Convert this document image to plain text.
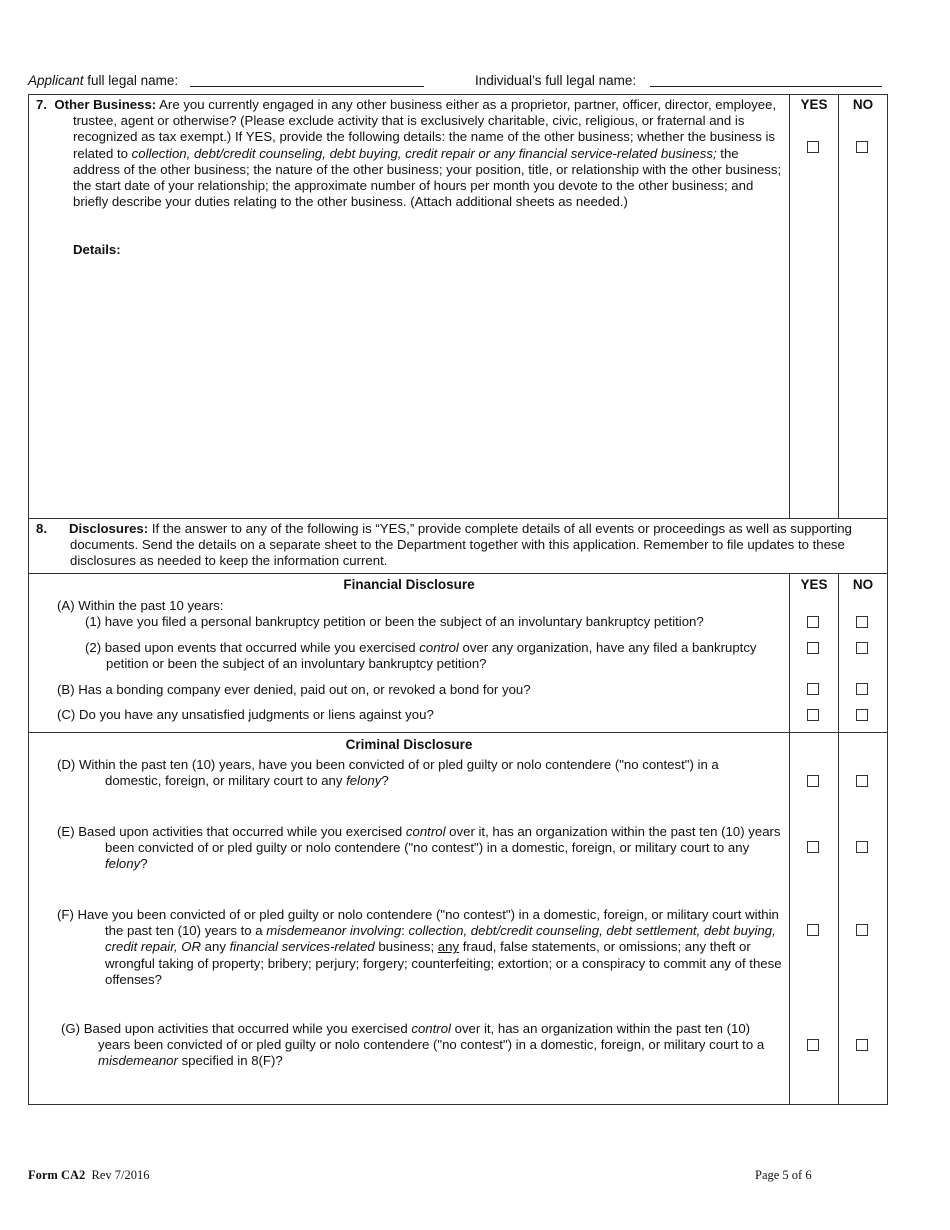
Applicant full legal name:	Individual’s full legal name:
7. Other Business: Are you currently engaged in any other business either as a proprietor, partner, officer, director, employee, trustee, agent or otherwise? (Please exclude activity that is exclusively charitable, civic, religious, or fraternal and is recognized as tax exempt.) If YES, provide the following details: the name of the other business; whether the business is related to collection, debt/credit counseling, debt buying, credit repair or any financial service-related business; the address of the other business; the nature of the other business; your position, title, or relationship with the other business; the start date of your relationship; the approximate number of hours per month you devote to the other business; and briefly describe your duties relating to the other business. (Attach additional sheets as needed.)
Details:
YES	NO
8. Disclosures: If the answer to any of the following is “YES,” provide complete details of all events or proceedings as well as supporting documents. Send the details on a separate sheet to the Department together with this application. Remember to file updates to these disclosures as needed to keep the information current.
Financial Disclosure	YES	NO
(A) Within the past 10 years:
(1) have you filed a personal bankruptcy petition or been the subject of an involuntary bankruptcy petition?
(2) based upon events that occurred while you exercised control over any organization, have any filed a bankruptcy petition or been the subject of an involuntary bankruptcy petition?
(B) Has a bonding company ever denied, paid out on, or revoked a bond for you?
(C) Do you have any unsatisfied judgments or liens against you?
Criminal Disclosure
(D) Within the past ten (10) years, have you been convicted of or pled guilty or nolo contendere ("no contest") in a domestic, foreign, or military court to any felony?
(E) Based upon activities that occurred while you exercised control over it, has an organization within the past ten (10) years been convicted of or pled guilty or nolo contendere ("no contest") in a domestic, foreign, or military court to any felony?
(F) Have you been convicted of or pled guilty or nolo contendere ("no contest") in a domestic, foreign, or military court within the past ten (10) years to a misdemeanor involving: collection, debt/credit counseling, debt settlement, debt buying, credit repair, OR any financial services-related business; any fraud, false statements, or omissions; any theft or wrongful taking of property; bribery; perjury; forgery; counterfeiting; extortion; or a conspiracy to commit any of these offenses?
(G) Based upon activities that occurred while you exercised control over it, has an organization within the past ten (10) years been convicted of or pled guilty or nolo contendere ("no contest") in a domestic, foreign, or military court to a misdemeanor specified in 8(F)?
Form CA2  Rev 7/2016	Page 5 of 6
